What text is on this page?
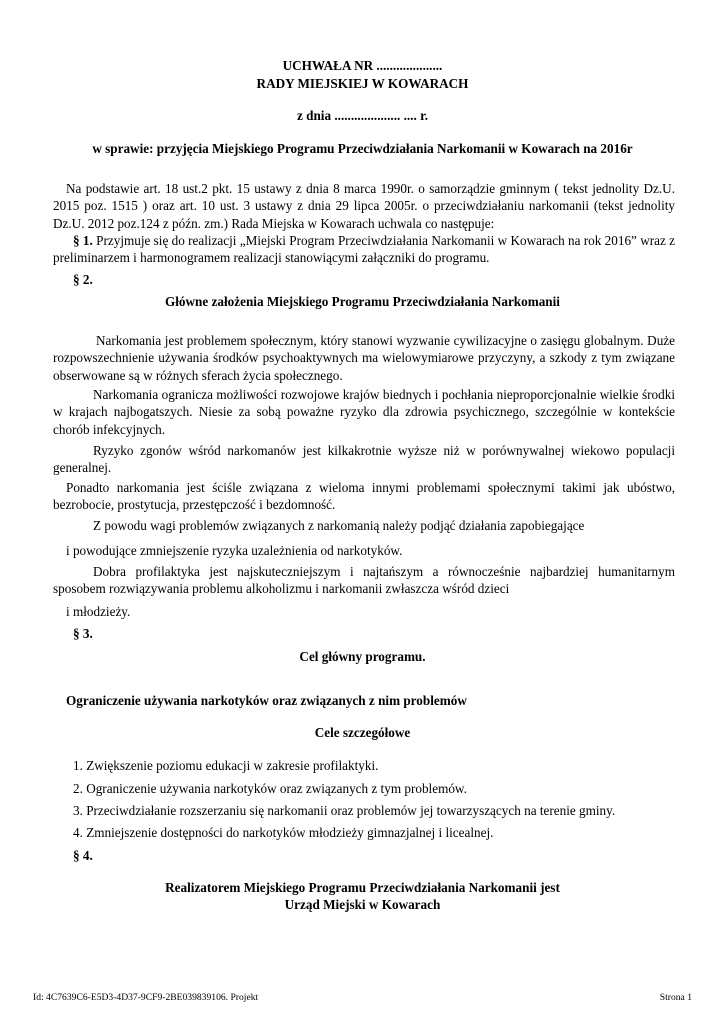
UCHWAŁA NR ....................
RADY MIEJSKIEJ W KOWARACH
z dnia .................... .... r.
w sprawie: przyjęcia Miejskiego Programu Przeciwdziałania Narkomanii w Kowarach na 2016r
Na podstawie art. 18 ust.2 pkt. 15 ustawy z dnia 8 marca 1990r. o samorządzie gminnym ( tekst jednolity Dz.U. 2015 poz. 1515 ) oraz art. 10 ust. 3 ustawy z dnia 29 lipca 2005r. o przeciwdziałaniu narkomanii (tekst jednolity Dz.U. 2012 poz.124 z późn. zm.) Rada Miejska w Kowarach uchwala co następuje:
§ 1. Przyjmuje się do realizacji „Miejski Program Przeciwdziałania Narkomanii w Kowarach na rok 2016” wraz z preliminarzem i harmonogramem realizacji stanowiącymi załączniki do programu.
§ 2.
Główne założenia Miejskiego Programu Przeciwdziałania Narkomanii
Narkomania jest problemem społecznym, który stanowi wyzwanie cywilizacyjne o zasięgu globalnym. Duże rozpowszechnienie używania środków psychoaktywnych ma wielowymiarowe przyczyny, a szkody z tym związane obserwowane są w różnych sferach życia społecznego.
Narkomania ogranicza możliwości rozwojowe krajów biednych i pochłania nieproporcjonalnie wielkie środki w krajach najbogatszych. Niesie za sobą poważne ryzyko dla zdrowia psychicznego, szczególnie w kontekście chorób infekcyjnych.
Ryzyko zgonów wśród narkomanów jest kilkakrotnie wyższe niż w porównywalnej wiekowo populacji generalnej.
Ponadto narkomania jest ściśle związana z wieloma innymi problemami społecznymi takimi jak ubóstwo, bezrobocie, prostytucja, przestępczość i bezdomność.
Z powodu wagi problemów związanych z narkomanią należy podjąć działania zapobiegające
i powodujące zmniejszenie ryzyka uzależnienia od narkotyków.
Dobra profilaktyka jest najskuteczniejszym i najtańszym a równocześnie najbardziej humanitarnym sposobem rozwiązywania problemu alkoholizmu i narkomanii zwłaszcza wśród dzieci
i młodzieży.
§ 3.
Cel główny programu.
Ograniczenie używania narkotyków oraz związanych z nim problemów
Cele szczegółowe
1. Zwiększenie poziomu edukacji w zakresie profilaktyki.
2. Ograniczenie używania narkotyków oraz związanych z tym problemów.
3. Przeciwdziałanie rozszerzaniu się narkomanii oraz problemów jej towarzyszących na terenie gminy.
4. Zmniejszenie dostępności do narkotyków młodzieży gimnazjalnej i licealnej.
§ 4.
Realizatorem Miejskiego Programu Przeciwdziałania Narkomanii jest
Urząd Miejski w Kowarach
Id: 4C7639C6-E5D3-4D37-9CF9-2BE039839106. Projekt	Strona 1
